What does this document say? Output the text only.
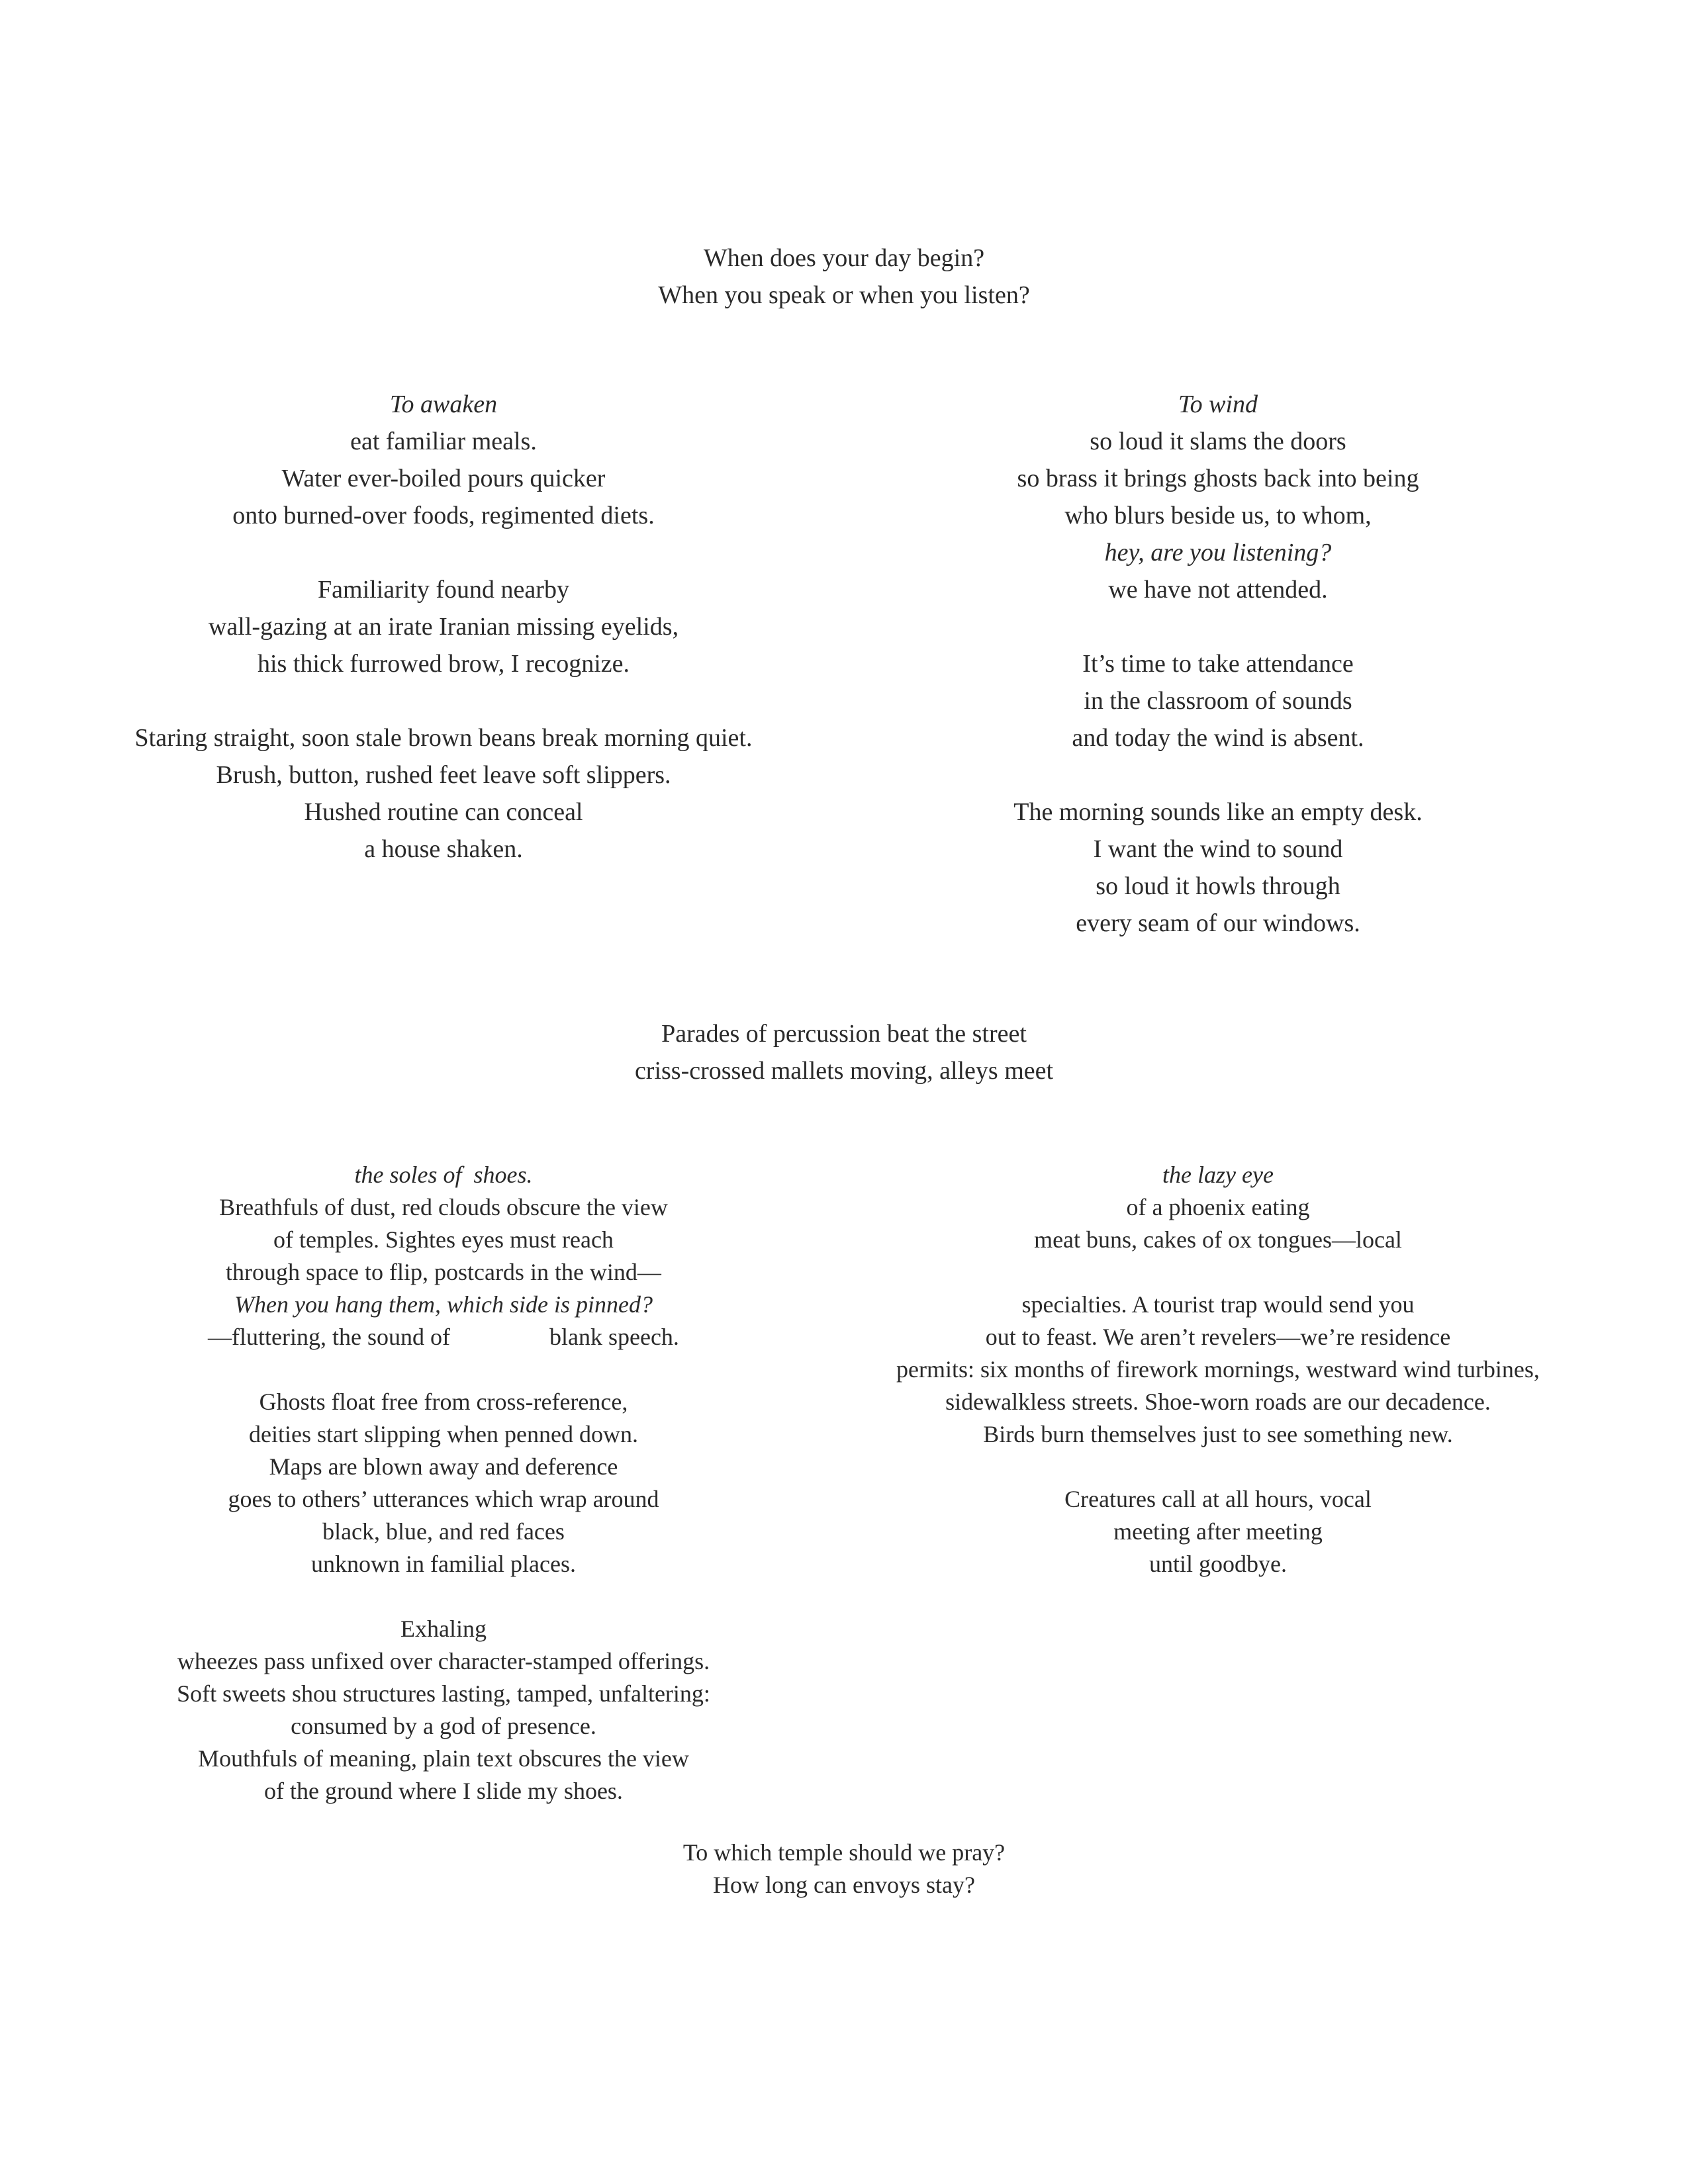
When does your day begin?
When you speak or when you listen?
To awaken
eat familiar meals.
Water ever-boiled pours quicker
onto burned-over foods, regimented diets.
Familiarity found nearby
wall-gazing at an irate Iranian missing eyelids,
his thick furrowed brow, I recognize.
Staring straight, soon stale brown beans break morning quiet.
Brush, button, rushed feet leave soft slippers.
Hushed routine can conceal
a house shaken.
To wind
so loud it slams the doors
so brass it brings ghosts back into being
who blurs beside us, to whom,
hey, are you listening?
we have not attended.
It’s time to take attendance
in the classroom of sounds
and today the wind is absent.
The morning sounds like an empty desk.
I want the wind to sound
so loud it howls through
every seam of our windows.
Parades of percussion beat the street
criss-crossed mallets moving, alleys meet
the soles of  shoes.
Breathfuls of dust, red clouds obscure the view
of temples. Sightes eyes must reach
through space to flip, postcards in the wind—
When you hang them, which side is pinned?
—fluttering, the sound of	blank speech.
Ghosts float free from cross-reference,
deities start slipping when penned down.
Maps are blown away and deference
goes to others’ utterances which wrap around
black, blue, and red faces
unknown in familial places.
Exhaling
wheezes pass unfixed over character-stamped offerings.
Soft sweets shou structures lasting, tamped, unfaltering:
consumed by a god of presence.
Mouthfuls of meaning, plain text obscures the view
of the ground where I slide my shoes.
the lazy eye
of a phoenix eating
meat buns, cakes of ox tongues—local
specialties. A tourist trap would send you
out to feast. We aren’t revelers—we’re residence
permits: six months of firework mornings, westward wind turbines,
sidewalkless streets. Shoe-worn roads are our decadence.
Birds burn themselves just to see something new.
Creatures call at all hours, vocal
meeting after meeting
until goodbye.
To which temple should we pray?
How long can envoys stay?
